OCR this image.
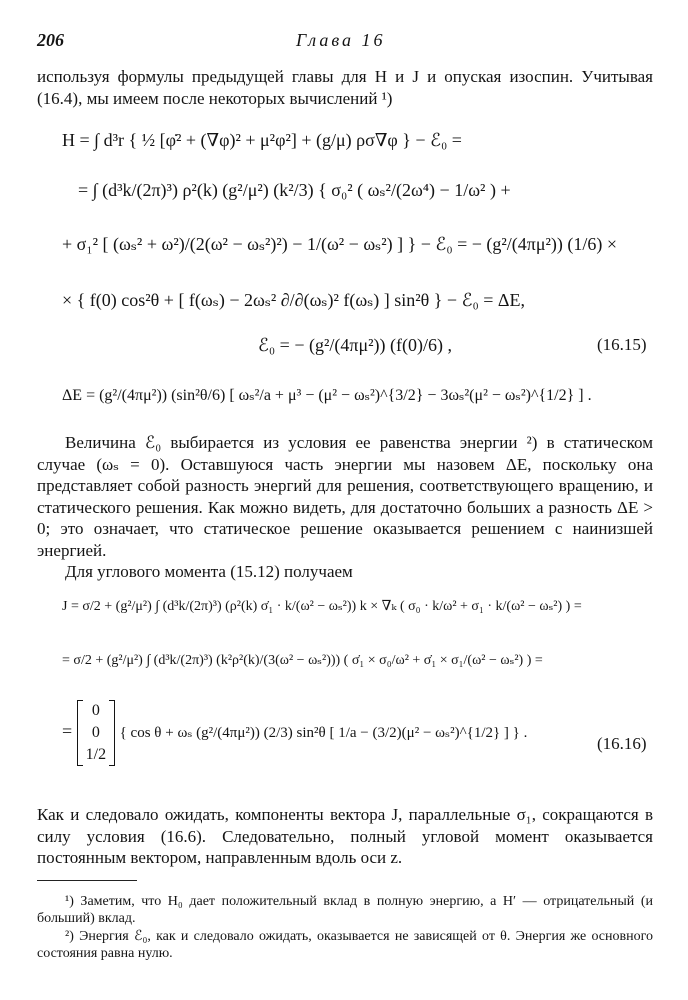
206	Глава 16
используя формулы предыдущей главы для H и J и опуская изоспин. Учитывая (16.4), мы имеем после некоторых вычислений ¹)
H = ∫ d³r { ½ [φ̇² + (∇φ)² + μ²φ²] + (g/μ) ρσ∇φ } − ℰ₀ =
= ∫ (d³k/(2π)³) ρ²(k) (g²/μ²) (k²/3) { σ₀² ( ωₛ²/(2ω⁴) − 1/ω² ) +
+ σ₁² [ (ωₛ² + ω²)/(2(ω² − ωₛ²)²) − 1/(ω² − ωₛ²) ] } − ℰ₀ = − (g²/(4πμ²)) (1/6) ×
× { f(0) cos²θ + [ f(ωₛ) − 2ωₛ² ∂/∂(ωₛ)² f(ωₛ) ] sin²θ } − ℰ₀ = ΔE,
ℰ₀ = − (g²/(4πμ²)) (f(0)/6) ,	(16.15)
ΔE = (g²/(4πμ²)) (sin²θ/6) [ ωₛ²/a + μ³ − (μ² − ωₛ²)^{3/2} − 3ωₛ²(μ² − ωₛ²)^{1/2} ] .
Величина ℰ₀ выбирается из условия ее равенства энергии ²) в статическом случае (ωₛ = 0). Оставшуюся часть энергии мы назовем ΔE, поскольку она представляет собой разность энергий для решения, соответствующего вращению, и статического решения. Как можно видеть, для достаточно больших a разность ΔE > 0; это означает, что статическое решение оказывается решением с наинизшей энергией.
Для углового момента (15.12) получаем
J = σ/2 + (g²/μ²) ∫ (d³k/(2π)³) (ρ²(k) σ̇₁ · k/(ω² − ωₛ²)) k × ∇ₖ ( σ₀ · k/ω² + σ₁ · k/(ω² − ωₛ²) ) =
= σ/2 + (g²/μ²) ∫ (d³k/(2π)³) (k²ρ²(k)/(3(ω² − ωₛ²))) ( σ̇₁ × σ₀/ω² + σ̇₁ × σ₁/(ω² − ωₛ²) ) =
=
0
0
1/2
{ cos θ + ωₛ (g²/(4πμ²)) (2/3) sin²θ [ 1/a − (3/2)(μ² − ωₛ²)^{1/2} ] } .
(16.16)
Как и следовало ожидать, компоненты вектора J, параллельные σ₁, сокращаются в силу условия (16.6). Следовательно, полный угловой момент оказывается постоянным вектором, направленным вдоль оси z.
¹) Заметим, что H₀ дает положительный вклад в полную энергию, а H′ — отрицательный (и больший) вклад.
²) Энергия ℰ₀, как и следовало ожидать, оказывается не зависящей от θ. Энергия же основного состояния равна нулю.
